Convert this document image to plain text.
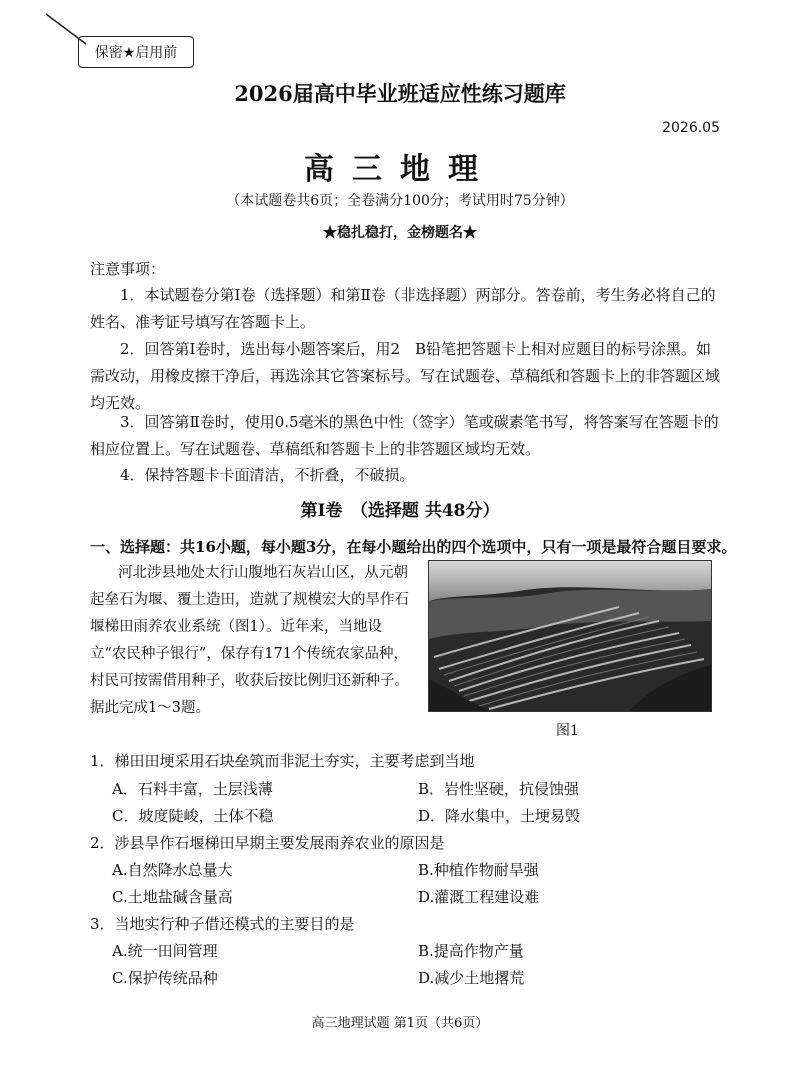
保密★启用前
2026届高中毕业班适应性练习题库
2026.05
高三地理
（本试题卷共6页；全卷满分100分；考试用时75分钟）
★稳扎稳打，金榜题名★
注意事项：
1．本试题卷分第Ⅰ卷（选择题）和第Ⅱ卷（非选择题）两部分。答卷前，考生务必将自己的姓名、准考证号填写在答题卡上。
2．回答第Ⅰ卷时，选出每小题答案后，用2　B铅笔把答题卡上相对应题目的标号涂黑。如需改动，用橡皮擦干净后，再选涂其它答案标号。写在试题卷、草稿纸和答题卡上的非答题区域均无效。
3．回答第Ⅱ卷时，使用0.5毫米的黑色中性（签字）笔或碳素笔书写，将答案写在答题卡的相应位置上。写在试题卷、草稿纸和答题卡上的非答题区域均无效。
4．保持答题卡卡面清洁，不折叠，不破损。
第Ⅰ卷　（选择题 共48分）
一、选择题：共16小题，每小题3分，在每小题给出的四个选项中，只有一项是最符合题目要求。
河北涉县地处太行山腹地石灰岩山区，从元朝起垒石为堰、覆土造田，造就了规模宏大的旱作石堰梯田雨养农业系统（图1）。近年来，当地设立“农民种子银行”，保存有171个传统农家品种，村民可按需借用种子，收获后按比例归还新种子。据此完成1～3题。
图1
1．梯田田埂采用石块垒筑而非泥土夯实，主要考虑到当地
A．石料丰富，土层浅薄	B．岩性坚硬，抗侵蚀强
C．坡度陡峻，土体不稳	D．降水集中，土埂易毁
2．涉县旱作石堰梯田早期主要发展雨养农业的原因是
A.自然降水总量大	B.种植作物耐旱强
C.土地盐碱含量高	D.灌溉工程建设难
3．当地实行种子借还模式的主要目的是
A.统一田间管理	B.提高作物产量
C.保护传统品种	D.减少土地撂荒
高三地理试题 第1页（共6页）
